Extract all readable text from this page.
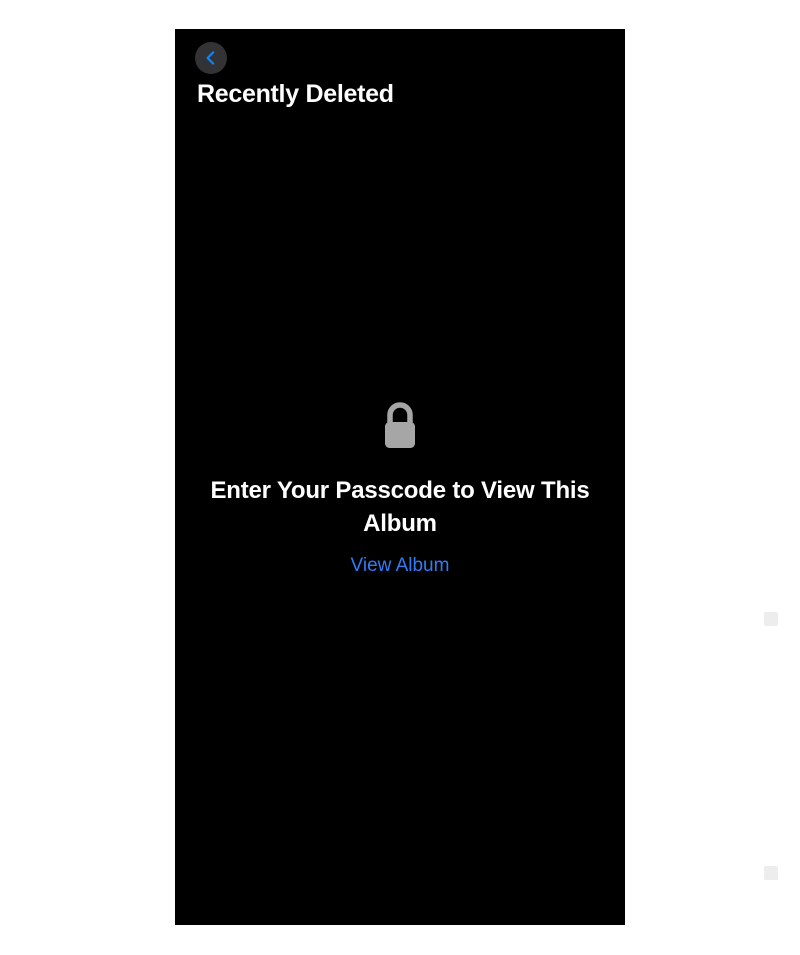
Recently Deleted
Enter Your Passcode to View This Album
View Album
